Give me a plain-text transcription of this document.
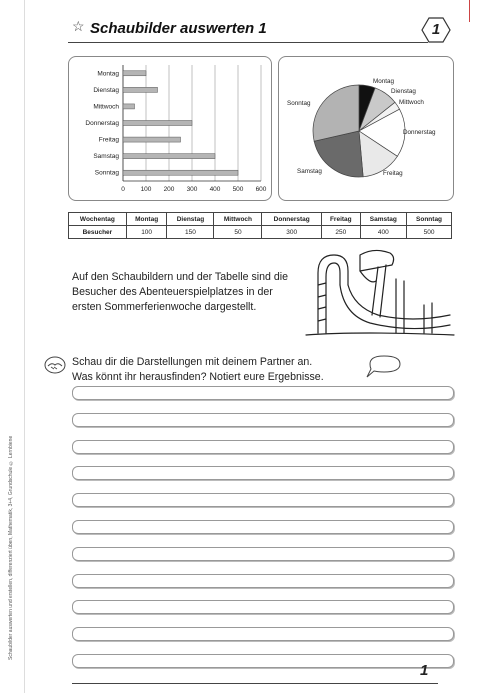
☆ Schaubilder auswerten 1	1
0 100 200 300 400 500 600
Montag
Dienstag
Mittwoch
Donnerstag
Freitag
Samstag
Sonntag
Montag
Dienstag
Mittwoch
Donnerstag
Freitag
Samstag
Sonntag
Wochentag	Montag	Dienstag	Mittwoch	Donnerstag	Freitag	Samstag	Sonntag
Besucher	100	150	50	300	250	400	500
Auf den Schaubildern und der Tabelle sind die Besucher des Abenteuerspielplatzes in der ersten Sommerferienwoche dargestellt.
Schau dir die Darstellungen mit deinem Partner an.
Was könnt ihr herausfinden? Notiert eure Ergebnisse.
Schaubilder auswerten und erstellen, differenziert üben, Mathematik, 3+4, Grundschule © Lernbiene
1
